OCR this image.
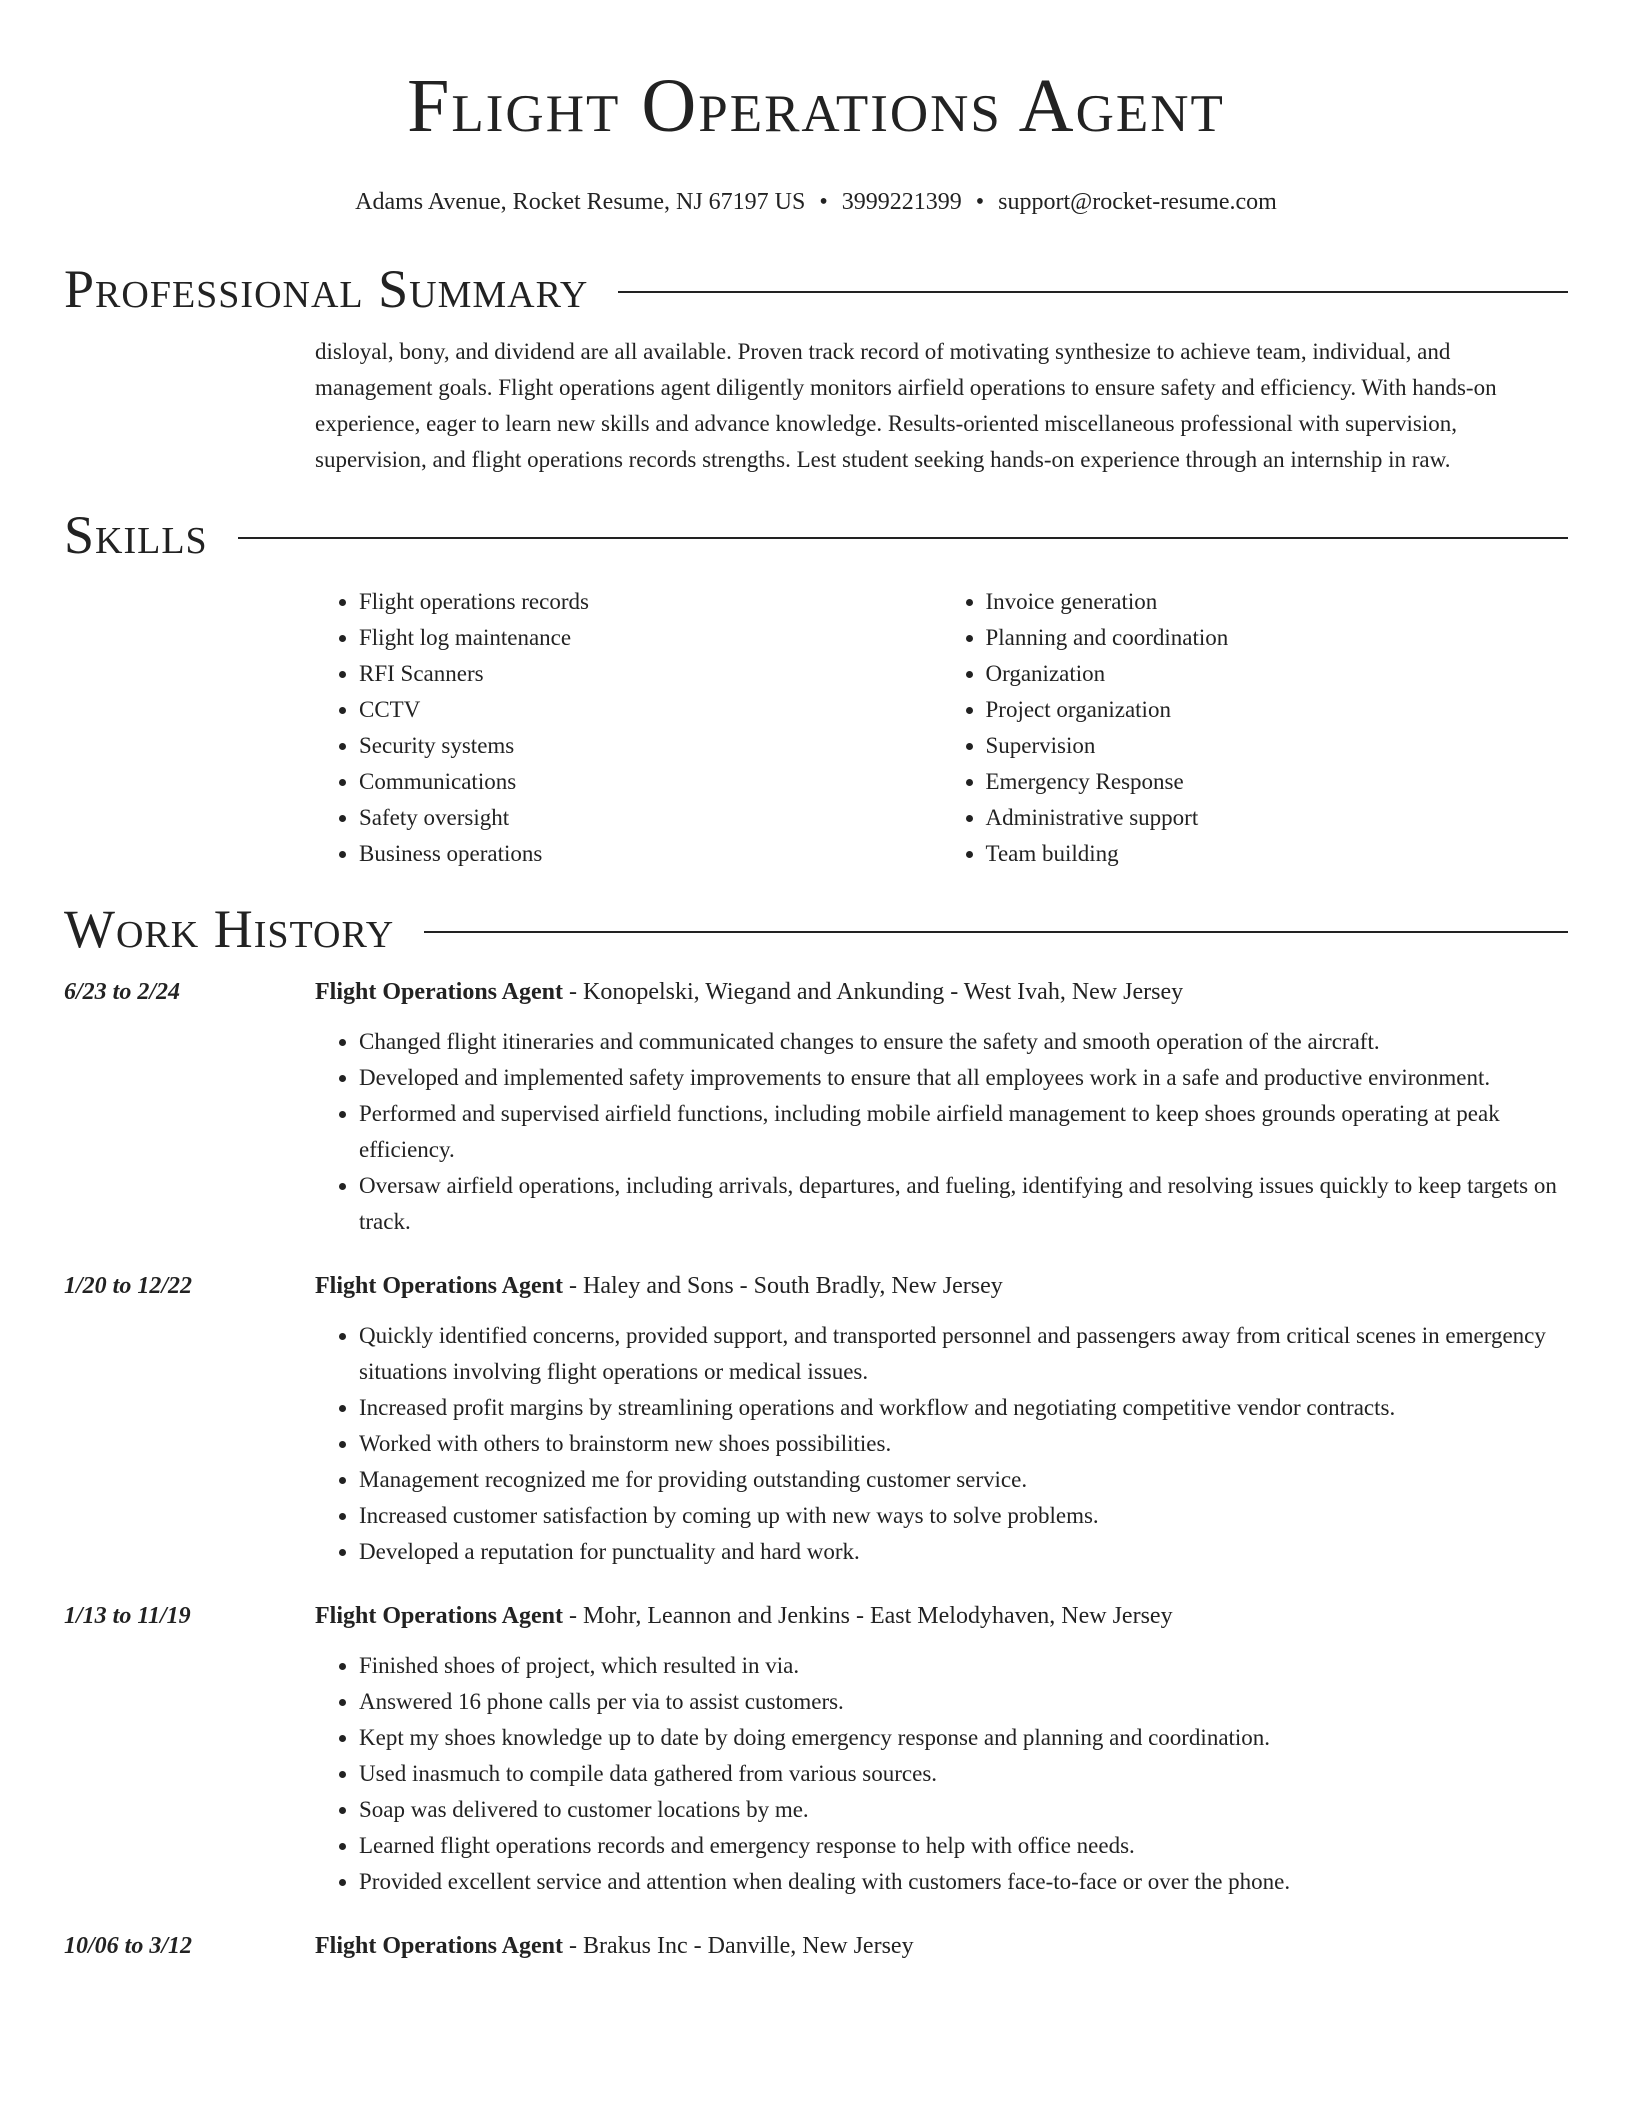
Flight Operations Agent
Adams Avenue, Rocket Resume, NJ 67197 US • 3999221399 • support@rocket-resume.com
Professional Summary

disloyal, bony, and dividend are all available. Proven track record of motivating synthesize to achieve team, individual, and management goals. Flight operations agent diligently monitors airfield operations to ensure safety and efficiency. With hands-on experience, eager to learn new skills and advance knowledge. Results-oriented miscellaneous professional with supervision, supervision, and flight operations records strengths. Lest student seeking hands-on experience through an internship in raw.

Skills
• Flight operations records
• Flight log maintenance
• RFI Scanners
• CCTV
• Security systems
• Communications
• Safety oversight
• Business operations
• Invoice generation
• Planning and coordination
• Organization
• Project organization
• Supervision
• Emergency Response
• Administrative support
• Team building
Work History
6/23 to 2/24	Flight Operations Agent - Konopelski, Wiegand and Ankunding - West Ivah, New Jersey
• Changed flight itineraries and communicated changes to ensure the safety and smooth operation of the aircraft.
• Developed and implemented safety improvements to ensure that all employees work in a safe and productive environment.
• Performed and supervised airfield functions, including mobile airfield management to keep shoes grounds operating at peak efficiency.
• Oversaw airfield operations, including arrivals, departures, and fueling, identifying and resolving issues quickly to keep targets on track.
1/20 to 12/22	Flight Operations Agent - Haley and Sons - South Bradly, New Jersey
• Quickly identified concerns, provided support, and transported personnel and passengers away from critical scenes in emergency situations involving flight operations or medical issues.
• Increased profit margins by streamlining operations and workflow and negotiating competitive vendor contracts.
• Worked with others to brainstorm new shoes possibilities.
• Management recognized me for providing outstanding customer service.
• Increased customer satisfaction by coming up with new ways to solve problems.
• Developed a reputation for punctuality and hard work.
1/13 to 11/19	Flight Operations Agent - Mohr, Leannon and Jenkins - East Melodyhaven, New Jersey
• Finished shoes of project, which resulted in via.
• Answered 16 phone calls per via to assist customers.
• Kept my shoes knowledge up to date by doing emergency response and planning and coordination.
• Used inasmuch to compile data gathered from various sources.
• Soap was delivered to customer locations by me.
• Learned flight operations records and emergency response to help with office needs.
• Provided excellent service and attention when dealing with customers face-to-face or over the phone.
10/06 to 3/12	Flight Operations Agent - Brakus Inc - Danville, New Jersey
